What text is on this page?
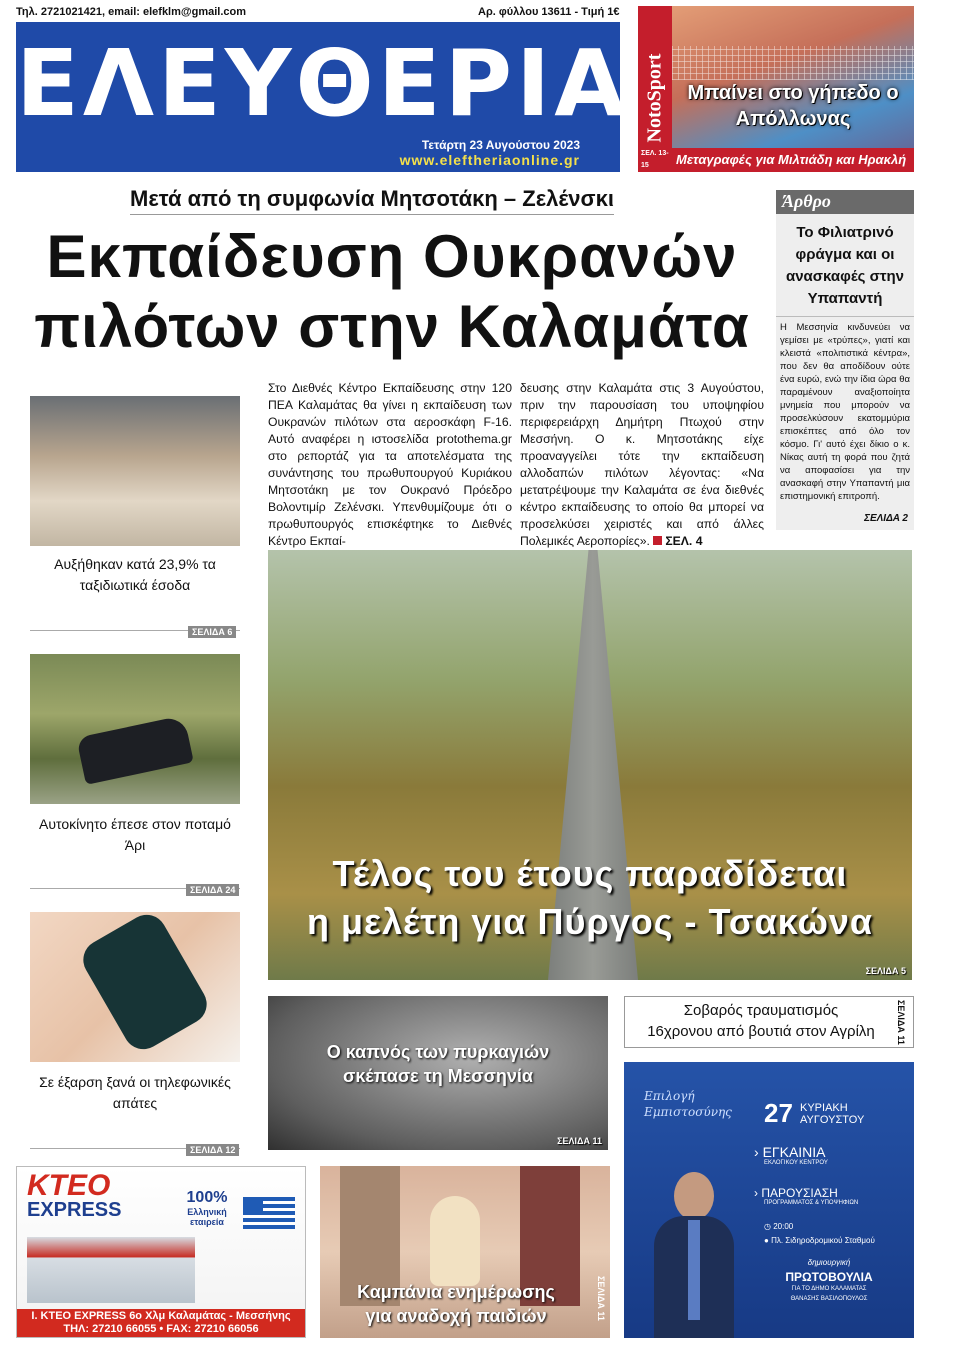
Τηλ. 2721021421, email: elefklm@gmail.com	Αρ. φύλλου 13611 - Τιμή 1€
ΕΛΕΥΘΕΡΙΑ
Τετάρτη 23 Αυγούστου 2023
www.eleftheriaonline.gr
NotoSport	Μπαίνει στο γήπεδο ο Απόλλωνας
ΣΕΛ. 13-15	Μεταγραφές για Μιλτιάδη και Ηρακλή
Μετά από τη συμφωνία Μητσοτάκη – Ζελένσκι
Εκπαίδευση Ουκρανών
πιλότων στην Καλαμάτα
Στο Διεθνές Κέντρο Εκπαίδευσης στην 120 ΠΕΑ Καλαμάτας θα γίνει η εκπαίδευση των Ουκρανών πιλότων στα αεροσκάφη F-16. Αυτό αναφέρει η ιστοσελίδα protothema.gr στο ρεπορτάζ για τα αποτελέσματα της συνάντησης του πρωθυπουργού Κυριάκου Μητσοτάκη με τον Ουκρανό Πρόεδρο Βολοντιμίρ Ζελένσκι. Υπενθυμίζουμε ότι ο πρωθυπουργός επισκέφτηκε το Διεθνές Κέντρο Εκπαί-
δευσης στην Καλαμάτα στις 3 Αυγούστου, πριν την παρουσίαση του υποψηφίου περιφερειάρχη Δημήτρη Πτωχού στην Μεσσήνη. Ο κ. Μητσοτάκης είχε προαναγγείλει τότε την εκπαίδευση αλλοδαπών πιλότων λέγοντας: «Να μετατρέψουμε την Καλαμάτα σε ένα διεθνές κέντρο εκπαίδευσης το οποίο θα μπορεί να προσελκύσει χειριστές και από άλλες Πολεμικές Αεροπορίες». ΣΕΛ. 4
Άρθρο
Το Φιλιατρινό φράγμα και οι ανασκαφές στην Υπαπαντή
Η Μεσσηνία κινδυνεύει να γεμίσει με «τρύπες», γιατί και κλειστά «πολιτιστικά κέντρα», που δεν θα αποδίδουν ούτε ένα ευρώ, ενώ την ίδια ώρα θα παραμένουν αναξιοποίητα μνημεία που μπορούν να προσελκύσουν εκατομμύρια επισκέπτες από όλο τον κόσμο. Γι' αυτό έχει δίκιο ο κ. Νίκας αυτή τη φορά που ζητά να αποφασίσει για την ανασκαφή στην Υπαπαντή μια επιστημονική επιτροπή.
ΣΕΛΙΔΑ 2
Αυξήθηκαν κατά 23,9% τα ταξιδιωτικά έσοδα
ΣΕΛΙΔΑ 6
Αυτοκίνητο έπεσε στον ποταμό Άρι
ΣΕΛΙΔΑ 24
Σε έξαρση ξανά οι τηλεφωνικές απάτες
ΣΕΛΙΔΑ 12
Τέλος του έτους παραδίδεται
η μελέτη για Πύργος - Τσακώνα
ΣΕΛΙΔΑ 5
Ο καπνός των πυρκαγιών
σκέπασε τη Μεσσηνία
ΣΕΛΙΔΑ 11
Σοβαρός τραυματισμός
16χρονου από βουτιά στον Αγρίλη	ΣΕΛΙΔΑ 11
Επιλογή Εμπιστοσύνης	27 ΚΥΡΙΑΚΗ
ΑΥΓΟΥΣΤΟΥ
› ΕΓΚΑΙΝΙΑ
ΕΚΛΟΓΙΚΟΥ ΚΕΝΤΡΟΥ
› ΠΑΡΟΥΣΙΑΣΗ
ΠΡΟΓΡΑΜΜΑΤΟΣ & ΥΠΟΨΗΦΙΩΝ
◷ 20:00
● Πλ. Σιδηροδρομικού Σταθμού
δημιουργική
ΠΡΩΤΟΒΟΥΛΙΑ
ΓΙΑ ΤΟ ΔΗΜΟ ΚΑΛΑΜΑΤΑΣ
ΘΑΝΑΣΗΣ ΒΑΣΙΛΟΠΟΥΛΟΣ
ΚΤΕΟ
EXPRESS
100%
Ελληνική εταιρεία
I. ΚΤΕΟ EXPRESS 6ο Χλμ Καλαμάτας - Μεσσήνης
ΤΗΛ: 27210 66055 • FAX: 27210 66056
Καμπάνια ενημέρωσης
για αναδοχή παιδιών	ΣΕΛΙΔΑ 11
